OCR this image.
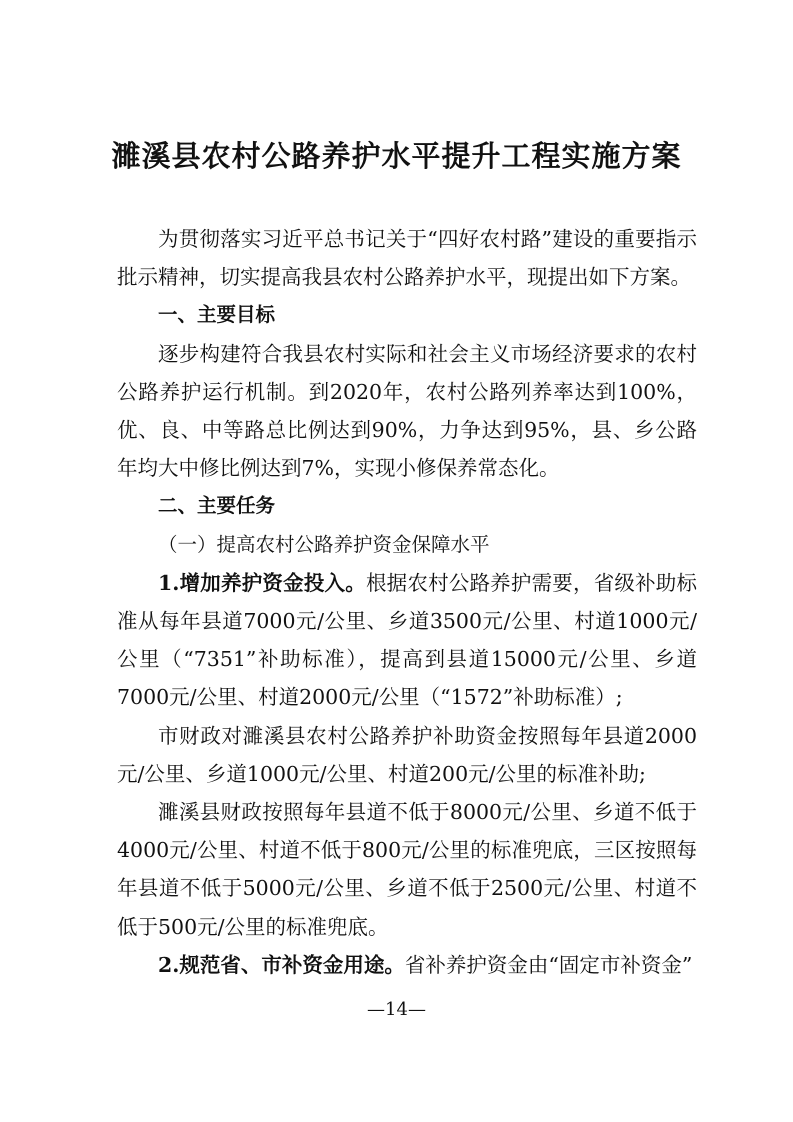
濉溪县农村公路养护水平提升工程实施方案

为贯彻落实习近平总书记关于“四好农村路”建设的重要指示批示精神，切实提高我县农村公路养护水平，现提出如下方案。

一、主要目标

逐步构建符合我县农村实际和社会主义市场经济要求的农村公路养护运行机制。到2020年，农村公路列养率达到100%，优、良、中等路总比例达到90%，力争达到95%，县、乡公路年均大中修比例达到7%，实现小修保养常态化。

二、主要任务

（一）提高农村公路养护资金保障水平

1.增加养护资金投入。根据农村公路养护需要，省级补助标准从每年县道7000元/公里、乡道3500元/公里、村道1000元/公里（“7351”补助标准），提高到县道15000元/公里、乡道7000元/公里、村道2000元/公里（“1572”补助标准）;

市财政对濉溪县农村公路养护补助资金按照每年县道2000元/公里、乡道1000元/公里、村道200元/公里的标准补助;

濉溪县财政按照每年县道不低于8000元/公里、乡道不低于4000元/公里、村道不低于800元/公里的标准兜底，三区按照每年县道不低于5000元/公里、乡道不低于2500元/公里、村道不低于500元/公里的标准兜底。

2.规范省、市补资金用途。省补养护资金由“固定市补资金”

—14—
